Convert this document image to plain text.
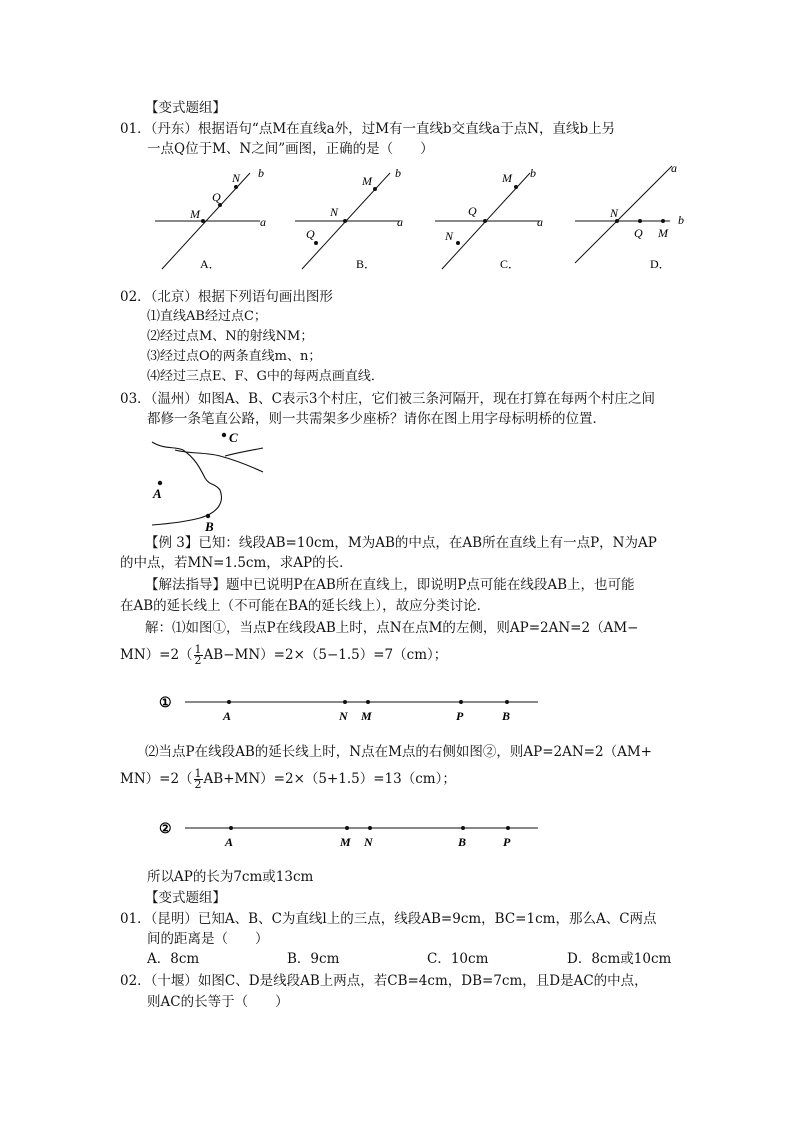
【变式题组】
01．（丹东）根据语句“点M在直线a外，过M有一直线b交直线a于点N，直线b上另
一点Q位于M、N之间”画图，正确的是（　　）
N
Q
M
b
a
A．
M
N
Q
b
a
B．
M
Q
N
b
a
C．
N
Q M
a
b
D．
02．（北京）根据下列语句画出图形
⑴直线AB经过点C；
⑵经过点M、N的射线NM；
⑶经过点O的两条直线m、n；
⑷经过三点E、F、G中的每两点画直线．
03．（温州）如图A、B、C表示3个村庄，它们被三条河隔开，现在打算在每两个村庄之间
都修一条笔直公路，则一共需架多少座桥？请你在图上用字母标明桥的位置．
C
A
B
【例 3】已知：线段AB=10cm，M为AB的中点，在AB所在直线上有一点P，N为AP
的中点，若MN=1.5cm，求AP的长．
【解法指导】题中已说明P在AB所在直线上，即说明P点可能在线段AB上，也可能
在AB的延长线上（不可能在BA的延长线上），故应分类讨论．
解：⑴如图①，当点P在线段AB上时，点N在点M的左侧，则AP=2AN=2（AM−
$MN)=2( \frac{1}{2} AB-MN)=2\times(5-1.5)=7(cm)$；
①
A	N M	P	B
⑵当点P在线段AB的延长线上时，N点在M点的右侧如图②，则AP=2AN=2（AM+
$MN)=2( \frac{1}{2} AB+MN)=2\times(5+1.5)=13(cm)$；
②
A	M N	B	P
所以AP的长为7cm或13cm
【变式题组】
01．（昆明）已知A、B、C为直线l上的三点，线段AB=9cm，BC=1cm，那么A、C两点
间的距离是（　　）
A．8cm	B．9cm	C．10cm	D．8cm或10cm
02．（十堰）如图C、D是线段AB上两点，若CB=4cm，DB=7cm，且D是AC的中点，
则AC的长等于（　　）
